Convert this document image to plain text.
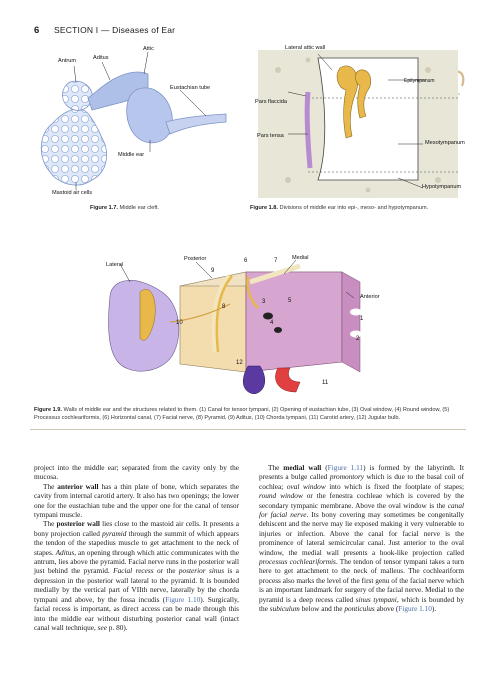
6 SECTION I — Diseases of Ear
Antrum	Aditus
Attic
Eustachian tube
Middle ear
Mastoid air cells
Figure 1.7. Middle ear cleft.
Lateral attic wall
Epitympanum
Pars flaccida
Pars tensa
Mesotympanum
Hypotympanum
Figure 1.8. Divisions of middle ear into epi-, meso- and hypotympanum.
Lateral
Posterior	Medial
Anterior
9
6	7
8
3	5
4
10
1
2
12
11
Figure 1.9. Walls of middle ear and the structures related to them. (1) Canal for tensor tympani, (2) Opening of eustachian tube, (3) Oval window, (4) Round window, (5) Processus cochleariformis, (6) Horizontal canal, (7) Facial nerve, (8) Pyramid, (9) Aditus, (10) Chorda tympani, (11) Carotid artery, (12) Jugular bulb.

project into the middle ear; separated from the cavity only by the mucosa.

The anterior wall has a thin plate of bone, which separates the cavity from internal carotid artery. It also has two openings; the lower one for the eustachian tube and the upper one for the canal of tensor tympani muscle.

The posterior wall lies close to the mastoid air cells. It presents a bony projection called pyramid through the summit of which appears the tendon of the stapedius muscle to get attachment to the neck of stapes. Aditus, an opening through which attic communicates with the antrum, lies above the pyramid. Facial nerve runs in the posterior wall just behind the pyramid. Facial recess or the posterior sinus is a depression in the posterior wall lateral to the pyramid. It is bounded medially by the vertical part of VIIth nerve, laterally by the chorda tympani and above, by the fossa incudis (Figure 1.10). Surgically, facial recess is important, as direct access can be made through this into the middle ear without disturbing posterior canal wall (intact canal wall technique, see p. 80).

The medial wall (Figure 1.11) is formed by the labyrinth. It presents a bulge called promontory which is due to the basal coil of cochlea; oval window into which is fixed the footplate of stapes; round window or the fenestra cochleae which is covered by the secondary tympanic membrane. Above the oval window is the canal for facial nerve. Its bony covering may sometimes be congenitally dehiscent and the nerve may lie exposed making it very vulnerable to injuries or infection. Above the canal for facial nerve is the prominence of lateral semicircular canal. Just anterior to the oval window, the medial wall presents a hook-like projection called processus cochleariformis. The tendon of tensor tympani takes a turn here to get attachment to the neck of malleus. The cochleariform process also marks the level of the first genu of the facial nerve which is an important landmark for surgery of the facial nerve. Medial to the pyramid is a deep recess called sinus tympani, which is bounded by the subiculum below and the ponticulus above (Figure 1.10).
